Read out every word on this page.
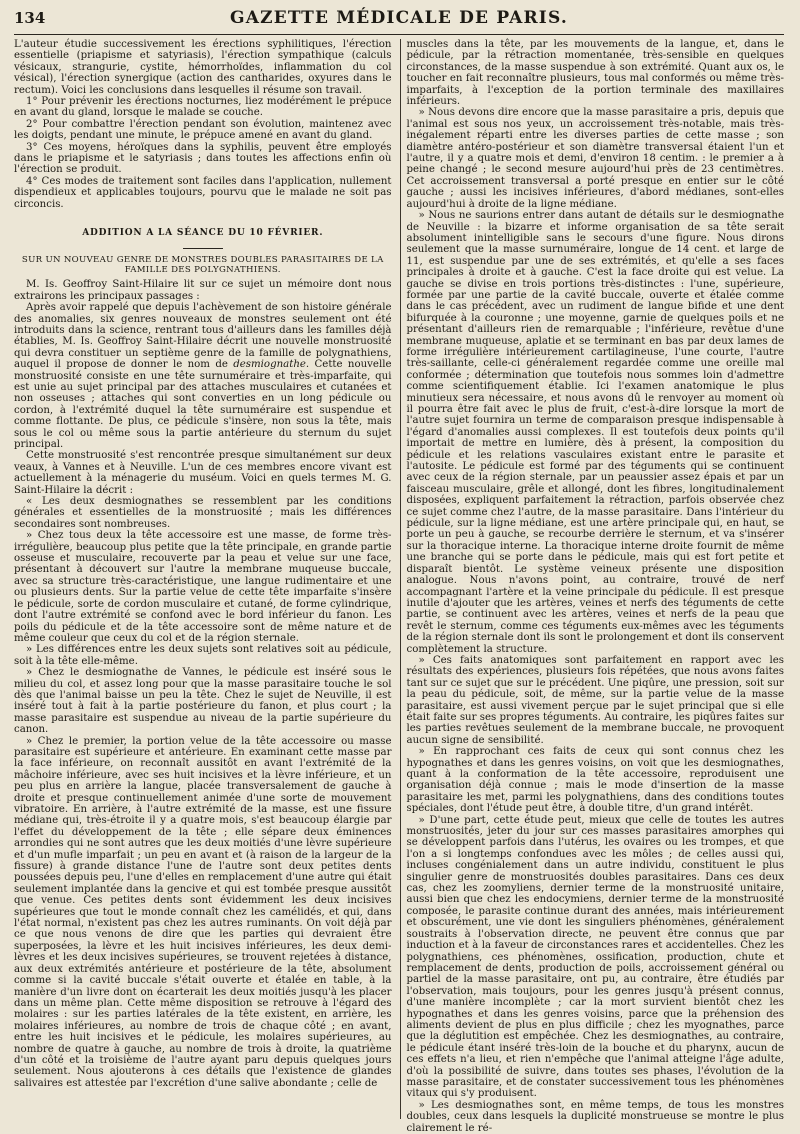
134	GAZETTE MÉDICALE DE PARIS.

L'auteur étudie successivement les érections syphilitiques, l'érection essentielle (priapisme et satyriasis), l'érection sympathique (calculs vésicaux, strangurie, cystite, hémorrhoïdes, inflammation du col vésical), l'érection synergique (action des cantharides, oxyures dans le rectum). Voici les conclusions dans lesquelles il résume son travail.

1° Pour prévenir les érections nocturnes, liez modérément le prépuce en avant du gland, lorsque le malade se couche.

2° Pour combattre l'érection pendant son évolution, maintenez avec les doigts, pendant une minute, le prépuce amené en avant du gland.

3° Ces moyens, héroïques dans la syphilis, peuvent être employés dans le priapisme et le satyriasis ; dans toutes les affections enfin où l'érection se produit.

4° Ces modes de traitement sont faciles dans l'application, nullement dispendieux et applicables toujours, pourvu que le malade ne soit pas circoncis.

ADDITION A LA SÉANCE DU 10 FÉVRIER.
SUR UN NOUVEAU GENRE DE MONSTRES DOUBLES PARASITAIRES DE LA FAMILLE DES POLYGNATHIENS.

M. Is. Geoffroy Saint-Hilaire lit sur ce sujet un mémoire dont nous extrairons les principaux passages :

Après avoir rappelé que depuis l'achèvement de son histoire générale des anomalies, six genres nouveaux de monstres seulement ont été introduits dans la science, rentrant tous d'ailleurs dans les familles déjà établies, M. Is. Geoffroy Saint-Hilaire décrit une nouvelle monstruosité qui devra constituer un septième genre de la famille de polygnathiens, auquel il propose de donner le nom de desmiognathe. Cette nouvelle monstruosité consiste en une tête surnuméraire et très-imparfaite, qui est unie au sujet principal par des attaches musculaires et cutanées et non osseuses ; attaches qui sont converties en un long pédicule ou cordon, à l'extrémité duquel la tête surnuméraire est suspendue et comme flottante. De plus, ce pédicule s'insère, non sous la tête, mais sous le col ou même sous la partie antérieure du sternum du sujet principal.

Cette monstruosité s'est rencontrée presque simultanément sur deux veaux, à Vannes et à Neuville. L'un de ces membres encore vivant est actuellement à la ménagerie du muséum. Voici en quels termes M. G. Saint-Hilaire la décrit :

« Les deux desmiognathes se ressemblent par les conditions générales et essentielles de la monstruosité ; mais les différences secondaires sont nombreuses.

» Chez tous deux la tête accessoire est une masse, de forme très-irrégulière, beaucoup plus petite que la tête principale, en grande partie osseuse et musculaire, recouverte par la peau et velue sur une face, présentant à découvert sur l'autre la membrane muqueuse buccale, avec sa structure très-caractéristique, une langue rudimentaire et une ou plusieurs dents. Sur la partie velue de cette tête imparfaite s'insère le pédicule, sorte de cordon musculaire et cutané, de forme cylindrique, dont l'autre extrémité se confond avec le bord inférieur du fanon. Les poils du pédicule et de la tête accessoire sont de même nature et de même couleur que ceux du col et de la région sternale.

» Les différences entre les deux sujets sont relatives soit au pédicule, soit à la tête elle-même.

» Chez le desmiognathe de Vannes, le pédicule est inséré sous le milieu du col, et assez long pour que la masse parasitaire touche le sol dès que l'animal baisse un peu la tête. Chez le sujet de Neuville, il est inséré tout à fait à la partie postérieure du fanon, et plus court ; la masse parasitaire est suspendue au niveau de la partie supérieure du canon.

» Chez le premier, la portion velue de la tête accessoire ou masse parasitaire est supérieure et antérieure. En examinant cette masse par la face inférieure, on reconnaît aussitôt en avant l'extrémité de la mâchoire inférieure, avec ses huit incisives et la lèvre inférieure, et un peu plus en arrière la langue, placée transversalement de gauche à droite et presque continuellement animée d'une sorte de mouvement vibratoire. En arrière, à l'autre extrémité de la masse, est une fissure médiane qui, très-étroite il y a quatre mois, s'est beaucoup élargie par l'effet du développement de la tête ; elle sépare deux éminences arrondies qui ne sont autres que les deux moitiés d'une lèvre supérieure et d'un mufle imparfait ; un peu en avant et (à raison de la largeur de la fissure) à grande distance l'une de l'autre sont deux petites dents poussées depuis peu, l'une d'elles en remplacement d'une autre qui était seulement implantée dans la gencive et qui est tombée presque aussitôt que venue. Ces petites dents sont évidemment les deux incisives supérieures que tout le monde connaît chez les camélidés, et qui, dans l'état normal, n'existent pas chez les autres ruminants. On voit déjà par ce que nous venons de dire que les parties qui devraient être superposées, la lèvre et les huit incisives inférieures, les deux demi-lèvres et les deux incisives supérieures, se trouvent rejetées à distance, aux deux extrémités antérieure et postérieure de la tête, absolument comme si la cavité buccale s'était ouverte et étalée en table, à la manière d'un livre dont on écarterait les deux moitiés jusqu'à les placer dans un même plan. Cette même disposition se retrouve à l'égard des molaires : sur les parties latérales de la tête existent, en arrière, les molaires inférieures, au nombre de trois de chaque côté ; en avant, entre les huit incisives et le pédicule, les molaires supérieures, au nombre de quatre à gauche, au nombre de trois à droite, la quatrième d'un côté et la troisième de l'autre ayant paru depuis quelques jours seulement. Nous ajouterons à ces détails que l'existence de glandes salivaires est attestée par l'excrétion d'une salive abondante ; celle de

muscles dans la tête, par les mouvements de la langue, et, dans le pédicule, par la rétraction momentanée, très-sensible en quelques circonstances, de la masse suspendue à son extrémité. Quant aux os, le toucher en fait reconnaître plusieurs, tous mal conformés ou même très-imparfaits, à l'exception de la portion terminale des maxillaires inférieurs.

» Nous devons dire encore que la masse parasitaire a pris, depuis que l'animal est sous nos yeux, un accroissement très-notable, mais très-inégalement réparti entre les diverses parties de cette masse ; son diamètre antéro-postérieur et son diamètre transversal étaient l'un et l'autre, il y a quatre mois et demi, d'environ 18 centim. : le premier a à peine changé ; le second mesure aujourd'hui près de 23 centimètres. Cet accroissement transversal a porté presque en entier sur le côté gauche ; aussi les incisives inférieures, d'abord médianes, sont-elles aujourd'hui à droite de la ligne médiane.

» Nous ne saurions entrer dans autant de détails sur le desmiognathe de Neuville : la bizarre et informe organisation de sa tête serait absolument inintelligible sans le secours d'une figure. Nous dirons seulement que la masse surnuméraire, longue de 14 cent. et large de 11, est suspendue par une de ses extrémités, et qu'elle a ses faces principales à droite et à gauche. C'est la face droite qui est velue. La gauche se divise en trois portions très-distinctes : l'une, supérieure, formée par une partie de la cavité buccale, ouverte et étalée comme dans le cas précédent, avec un rudiment de langue bifide et une dent bifurquée à la couronne ; une moyenne, garnie de quelques poils et ne présentant d'ailleurs rien de remarquable ; l'inférieure, revêtue d'une membrane muqueuse, aplatie et se terminant en bas par deux lames de forme irrégulière intérieurement cartilagineuse, l'une courte, l'autre très-saillante, celle-ci généralement regardée comme une oreille mal conformée ; détermination que toutefois nous sommes loin d'admettre comme scientifiquement établie. Ici l'examen anatomique le plus minutieux sera nécessaire, et nous avons dû le renvoyer au moment où il pourra être fait avec le plus de fruit, c'est-à-dire lorsque la mort de l'autre sujet fournira un terme de comparaison presque indispensable à l'égard d'anomalies aussi complexes. Il est toutefois deux points qu'il importait de mettre en lumière, dès à présent, la composition du pédicule et les relations vasculaires existant entre le parasite et l'autosite. Le pédicule est formé par des téguments qui se continuent avec ceux de la région sternale, par un peaussier assez épais et par un faisceau musculaire, grêle et allongé, dont les fibres, longitudinalement disposées, expliquent parfaitement la rétraction, parfois observée chez ce sujet comme chez l'autre, de la masse parasitaire. Dans l'intérieur du pédicule, sur la ligne médiane, est une artère principale qui, en haut, se porte un peu à gauche, se recourbe derrière le sternum, et va s'insérer sur la thoracique interne. La thoracique interne droite fournit de même une branche qui se porte dans le pédicule, mais qui est fort petite et disparaît bientôt. Le système veineux présente une disposition analogue. Nous n'avons point, au contraire, trouvé de nerf accompagnant l'artère et la veine principale du pédicule. Il est presque inutile d'ajouter que les artères, veines et nerfs des téguments de cette partie, se continuent avec les artères, veines et nerfs de la peau que revêt le sternum, comme ces téguments eux-mêmes avec les téguments de la région sternale dont ils sont le prolongement et dont ils conservent complètement la structure.

» Ces faits anatomiques sont parfaitement en rapport avec les résultats des expériences, plusieurs fois répétées, que nous avons faites tant sur ce sujet que sur le précédent. Une piqûre, une pression, soit sur la peau du pédicule, soit, de même, sur la partie velue de la masse parasitaire, est aussi vivement perçue par le sujet principal que si elle était faite sur ses propres téguments. Au contraire, les piqûres faites sur les parties revêtues seulement de la membrane buccale, ne provoquent aucun signe de sensibilité.

» En rapprochant ces faits de ceux qui sont connus chez les hypognathes et dans les genres voisins, on voit que les desmiognathes, quant à la conformation de la tête accessoire, reproduisent une organisation déjà connue ; mais le mode d'insertion de la masse parasitaire les met, parmi les polygnathiens, dans des conditions toutes spéciales, dont l'étude peut être, à double titre, d'un grand intérêt.

» D'une part, cette étude peut, mieux que celle de toutes les autres monstruosités, jeter du jour sur ces masses parasitaires amorphes qui se développent parfois dans l'utérus, les ovaires ou les trompes, et que l'on a si longtemps confondues avec les môles ; de celles aussi qui, incluses congénialement dans un autre individu, constituent le plus singulier genre de monstruosités doubles parasitaires. Dans ces deux cas, chez les zoomyliens, dernier terme de la monstruosité unitaire, aussi bien que chez les endocymiens, dernier terme de la monstruosité composée, le parasite continue durant des années, mais intérieurement et obscurément, une vie dont les singuliers phénomènes, généralement soustraits à l'observation directe, ne peuvent être connus que par induction et à la faveur de circonstances rares et accidentelles. Chez les polygnathiens, ces phénomènes, ossification, production, chute et remplacement de dents, production de poils, accroissement général ou partiel de la masse parasitaire, ont pu, au contraire, être étudiés par l'observation, mais toujours, pour les genres jusqu'à présent connus, d'une manière incomplète ; car la mort survient bientôt chez les hypognathes et dans les genres voisins, parce que la préhension des aliments devient de plus en plus difficile ; chez les myognathes, parce que la déglutition est empêchée. Chez les desmiognathes, au contraire, le pédicule étant inséré très-loin de la bouche et du pharynx, aucun de ces effets n'a lieu, et rien n'empêche que l'animal atteigne l'âge adulte, d'où la possibilité de suivre, dans toutes ses phases, l'évolution de la masse parasitaire, et de constater successivement tous les phénomènes vitaux qui s'y produisent.

» Les desmiognathes sont, en même temps, de tous les monstres doubles, ceux dans lesquels la duplicité monstrueuse se montre le plus clairement le ré-
